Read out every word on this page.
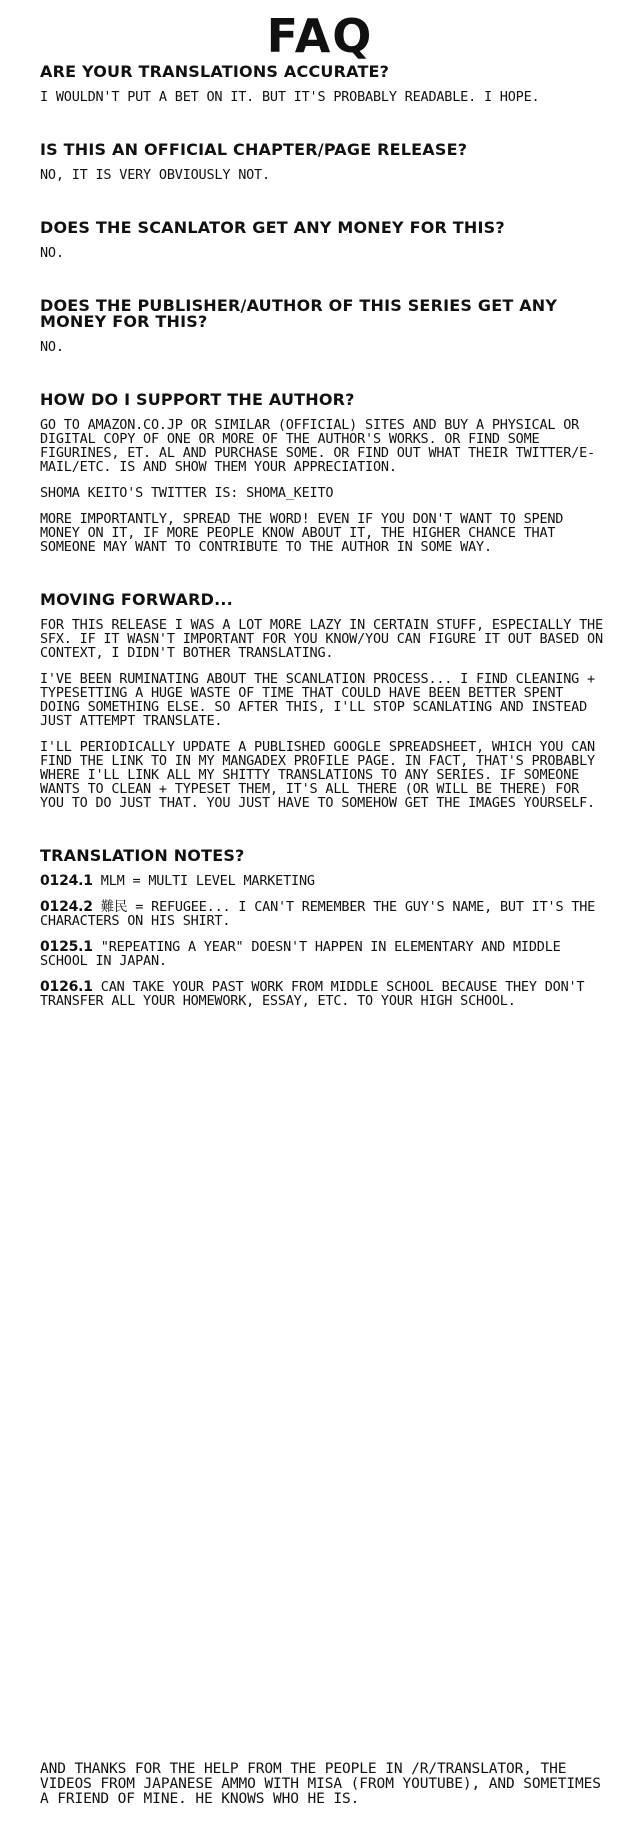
FAQ
ARE YOUR TRANSLATIONS ACCURATE?
I WOULDN'T PUT A BET ON IT. BUT IT'S PROBABLY READABLE. I HOPE.
IS THIS AN OFFICIAL CHAPTER/PAGE RELEASE?
NO, IT IS VERY OBVIOUSLY NOT.
DOES THE SCANLATOR GET ANY MONEY FOR THIS?
NO.
DOES THE PUBLISHER/AUTHOR OF THIS SERIES GET ANY MONEY FOR THIS?
NO.
HOW DO I SUPPORT THE AUTHOR?
GO TO AMAZON.CO.JP OR SIMILAR (OFFICIAL) SITES AND BUY A PHYSICAL OR DIGITAL COPY OF ONE OR MORE OF THE AUTHOR'S WORKS. OR FIND SOME FIGURINES, ET. AL AND PURCHASE SOME. OR FIND OUT WHAT THEIR TWITTER/E-MAIL/ETC. IS AND SHOW THEM YOUR APPRECIATION.
SHOMA KEITO'S TWITTER IS: SHOMA_KEITO
MORE IMPORTANTLY, SPREAD THE WORD! EVEN IF YOU DON'T WANT TO SPEND MONEY ON IT, IF MORE PEOPLE KNOW ABOUT IT, THE HIGHER CHANCE THAT SOMEONE MAY WANT TO CONTRIBUTE TO THE AUTHOR IN SOME WAY.
MOVING FORWARD...
FOR THIS RELEASE I WAS A LOT MORE LAZY IN CERTAIN STUFF, ESPECIALLY THE SFX. IF IT WASN'T IMPORTANT FOR YOU KNOW/YOU CAN FIGURE IT OUT BASED ON CONTEXT, I DIDN'T BOTHER TRANSLATING.
I'VE BEEN RUMINATING ABOUT THE SCANLATION PROCESS... I FIND CLEANING + TYPESETTING A HUGE WASTE OF TIME THAT COULD HAVE BEEN BETTER SPENT DOING SOMETHING ELSE. SO AFTER THIS, I'LL STOP SCANLATING AND INSTEAD JUST ATTEMPT TRANSLATE.
I'LL PERIODICALLY UPDATE A PUBLISHED GOOGLE SPREADSHEET, WHICH YOU CAN FIND THE LINK TO IN MY MANGADEX PROFILE PAGE. IN FACT, THAT'S PROBABLY WHERE I'LL LINK ALL MY SHITTY TRANSLATIONS TO ANY SERIES. IF SOMEONE WANTS TO CLEAN + TYPESET THEM, IT'S ALL THERE (OR WILL BE THERE) FOR YOU TO DO JUST THAT. YOU JUST HAVE TO SOMEHOW GET THE IMAGES YOURSELF.
TRANSLATION NOTES?
0124.1 MLM = MULTI LEVEL MARKETING
0124.2 難民 = REFUGEE... I CAN'T REMEMBER THE GUY'S NAME, BUT IT'S THE CHARACTERS ON HIS SHIRT.
0125.1 "REPEATING A YEAR" DOESN'T HAPPEN IN ELEMENTARY AND MIDDLE SCHOOL IN JAPAN.
0126.1 CAN TAKE YOUR PAST WORK FROM MIDDLE SCHOOL BECAUSE THEY DON'T TRANSFER ALL YOUR HOMEWORK, ESSAY, ETC. TO YOUR HIGH SCHOOL.
AND THANKS FOR THE HELP FROM THE PEOPLE IN /R/TRANSLATOR, THE VIDEOS FROM JAPANESE AMMO WITH MISA (FROM YOUTUBE), AND SOMETIMES A FRIEND OF MINE. HE KNOWS WHO HE IS.
